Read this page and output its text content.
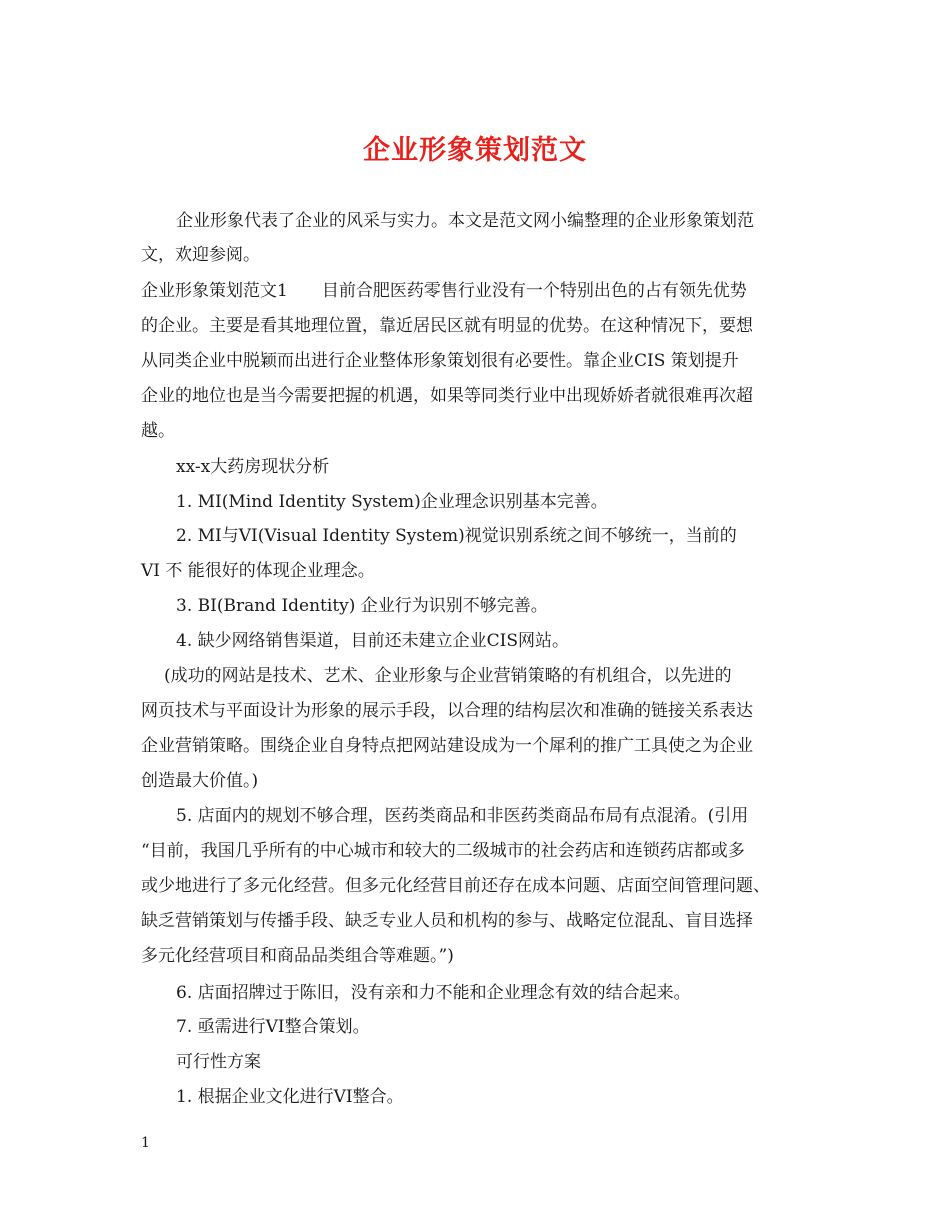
企业形象策划范文
企业形象代表了企业的风采与实力。本文是范文网小编整理的企业形象策划范
文，欢迎参阅。
企业形象策划范文1　　目前合肥医药零售行业没有一个特别出色的占有领先优势
的企业。主要是看其地理位置，靠近居民区就有明显的优势。在这种情况下，要想
从同类企业中脱颖而出进行企业整体形象策划很有必要性。靠企业CIS 策划提升
企业的地位也是当今需要把握的机遇，如果等同类行业中出现娇娇者就很难再次超
越。
xx-x大药房现状分析
1. MI(Mind Identity System)企业理念识别基本完善。
2. MI与VI(Visual Identity System)视觉识别系统之间不够统一，当前的
VI 不 能很好的体现企业理念。
3. BI(Brand Identity) 企业行为识别不够完善。
4. 缺少网络销售渠道，目前还未建立企业CIS网站。
(成功的网站是技术、艺术、企业形象与企业营销策略的有机组合，以先进的
网页技术与平面设计为形象的展示手段，以合理的结构层次和准确的链接关系表达
企业营销策略。围绕企业自身特点把网站建设成为一个犀利的推广工具使之为企业
创造最大价值。)
5. 店面内的规划不够合理，医药类商品和非医药类商品布局有点混淆。(引用
“目前，我国几乎所有的中心城市和较大的二级城市的社会药店和连锁药店都或多
或少地进行了多元化经营。但多元化经营目前还存在成本问题、店面空间管理问题、
缺乏营销策划与传播手段、缺乏专业人员和机构的参与、战略定位混乱、盲目选择
多元化经营项目和商品品类组合等难题。”)
6. 店面招牌过于陈旧，没有亲和力不能和企业理念有效的结合起来。
7. 亟需进行VI整合策划。
可行性方案
1. 根据企业文化进行VI整合。
1
